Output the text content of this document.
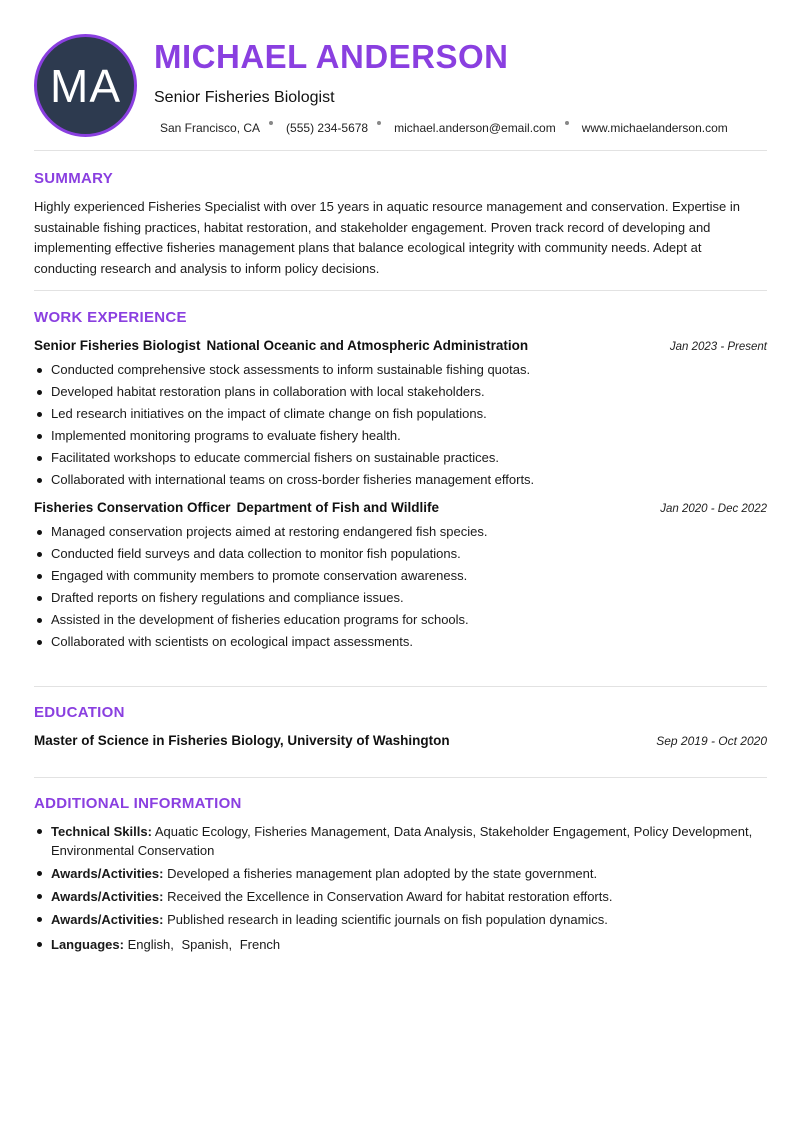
MA
MICHAEL ANDERSON
Senior Fisheries Biologist
San Francisco, CA (555) 234-5678 michael.anderson@email.com www.michaelanderson.com
SUMMARY
Highly experienced Fisheries Specialist with over 15 years in aquatic resource management and conservation. Expertise in sustainable fishing practices, habitat restoration, and stakeholder engagement. Proven track record of developing and implementing effective fisheries management plans that balance ecological integrity with community needs. Adept at conducting research and analysis to inform policy decisions.
WORK EXPERIENCE
Senior Fisheries Biologist National Oceanic and Atmospheric Administration	Jan 2023 - Present
Conducted comprehensive stock assessments to inform sustainable fishing quotas.
Developed habitat restoration plans in collaboration with local stakeholders.
Led research initiatives on the impact of climate change on fish populations.
Implemented monitoring programs to evaluate fishery health.
Facilitated workshops to educate commercial fishers on sustainable practices.
Collaborated with international teams on cross-border fisheries management efforts.
Fisheries Conservation Officer Department of Fish and Wildlife	Jan 2020 - Dec 2022
Managed conservation projects aimed at restoring endangered fish species.
Conducted field surveys and data collection to monitor fish populations.
Engaged with community members to promote conservation awareness.
Drafted reports on fishery regulations and compliance issues.
Assisted in the development of fisheries education programs for schools.
Collaborated with scientists on ecological impact assessments.
EDUCATION
Master of Science in Fisheries Biology, University of Washington	Sep 2019 - Oct 2020
ADDITIONAL INFORMATION
Technical Skills: Aquatic Ecology, Fisheries Management, Data Analysis, Stakeholder Engagement, Policy Development, Environmental Conservation
Awards/Activities: Developed a fisheries management plan adopted by the state government.
Awards/Activities: Received the Excellence in Conservation Award for habitat restoration efforts.
Awards/Activities: Published research in leading scientific journals on fish population dynamics.
Languages: English, Spanish, French
